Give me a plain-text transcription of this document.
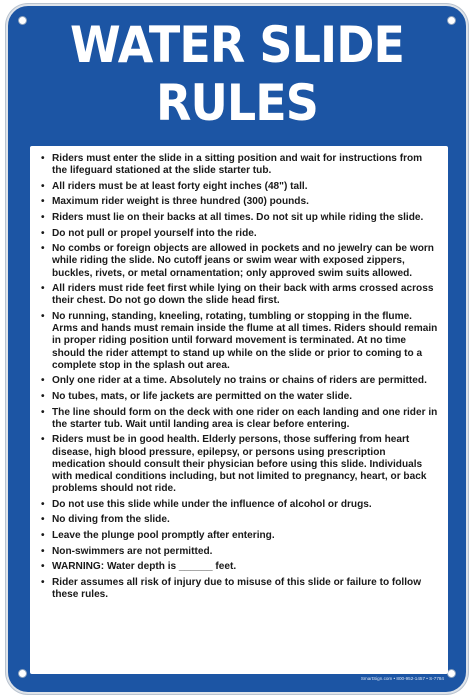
WATER SLIDE
RULES
• Riders must enter the slide in a sitting position and wait for instructions from the lifeguard stationed at the slide starter tub.
• All riders must be at least forty eight inches (48") tall.
• Maximum rider weight is three hundred (300) pounds.
• Riders must lie on their backs at all times. Do not sit up while riding the slide.
• Do not pull or propel yourself into the ride.
• No combs or foreign objects are allowed in pockets and no jewelry can be worn while riding the slide. No cutoff jeans or swim wear with exposed zippers, buckles, rivets, or metal ornamentation; only approved swim suits allowed.
• All riders must ride feet first while lying on their back with arms crossed across their chest. Do not go down the slide head first.
• No running, standing, kneeling, rotating, tumbling or stopping in the flume. Arms and hands must remain inside the flume at all times. Riders should remain in proper riding position until forward movement is terminated. At no time should the rider attempt to stand up while on the slide or prior to coming to a complete stop in the splash out area.
• Only one rider at a time. Absolutely no trains or chains of riders are permitted.
• No tubes, mats, or life jackets are permitted on the water slide.
• The line should form on the deck with one rider on each landing and one rider in the starter tub. Wait until landing area is clear before entering.
• Riders must be in good health. Elderly persons, those suffering from heart disease, high blood pressure, epilepsy, or persons using prescription medication should consult their physician before using this slide. Individuals with medical conditions including, but not limited to pregnancy, heart, or back problems should not ride.
• Do not use this slide while under the influence of alcohol or drugs.
• No diving from the slide.
• Leave the plunge pool promptly after entering.
• Non-swimmers are not permitted.
• WARNING: Water depth is ______ feet.
• Rider assumes all risk of injury due to misuse of this slide or failure to follow these rules.
SmartSign.com • 800-952-1457 • S-7784
